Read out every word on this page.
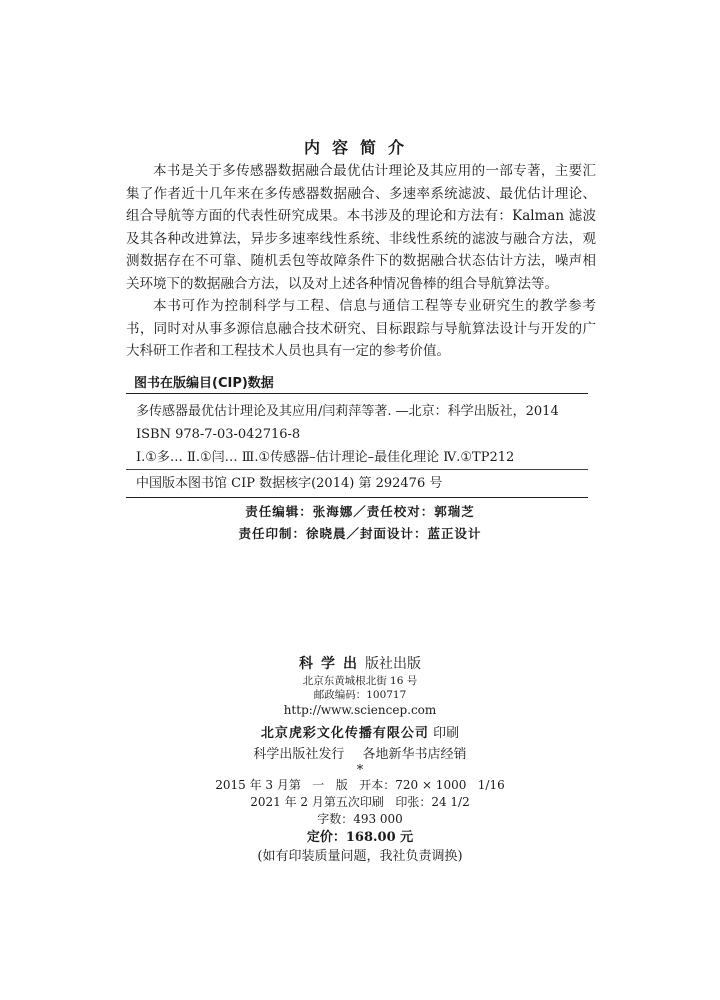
内容简介

本书是关于多传感器数据融合最优估计理论及其应用的一部专著，主要汇集了作者近十几年来在多传感器数据融合、多速率系统滤波、最优估计理论、组合导航等方面的代表性研究成果。本书涉及的理论和方法有：Kalman 滤波及其各种改进算法，异步多速率线性系统、非线性系统的滤波与融合方法，观测数据存在不可靠、随机丢包等故障条件下的数据融合状态估计方法，噪声相关环境下的数据融合方法，以及对上述各种情况鲁棒的组合导航算法等。

本书可作为控制科学与工程、信息与通信工程等专业研究生的教学参考书，同时对从事多源信息融合技术研究、目标跟踪与导航算法设计与开发的广大科研工作者和工程技术人员也具有一定的参考价值。

图书在版编目(CIP)数据
多传感器最优估计理论及其应用/闫莉萍等著. —北京：科学出版社，2014
ISBN 978-7-03-042716-8
Ⅰ.①多… Ⅱ.①闫… Ⅲ.①传感器–估计理论–最佳化理论 Ⅳ.①TP212
中国版本图书馆 CIP 数据核字(2014) 第 292476 号
责任编辑：张海娜／责任校对：郭瑞芝
责任印制：徐晓晨／封面设计：蓝正设计
科学出版社出版
北京东黄城根北街 16 号
邮政编码：100717
http://www.sciencep.com
北京虎彩文化传播有限公司 印刷
科学出版社发行 各地新华书店经销
*
2015 年 3 月第   一   版 开本：720 × 1000   1/16
2021 年 2 月第五次印刷 印张：24 1/2
字数：493 000
定价：168.00 元
(如有印装质量问题，我社负责调换)
